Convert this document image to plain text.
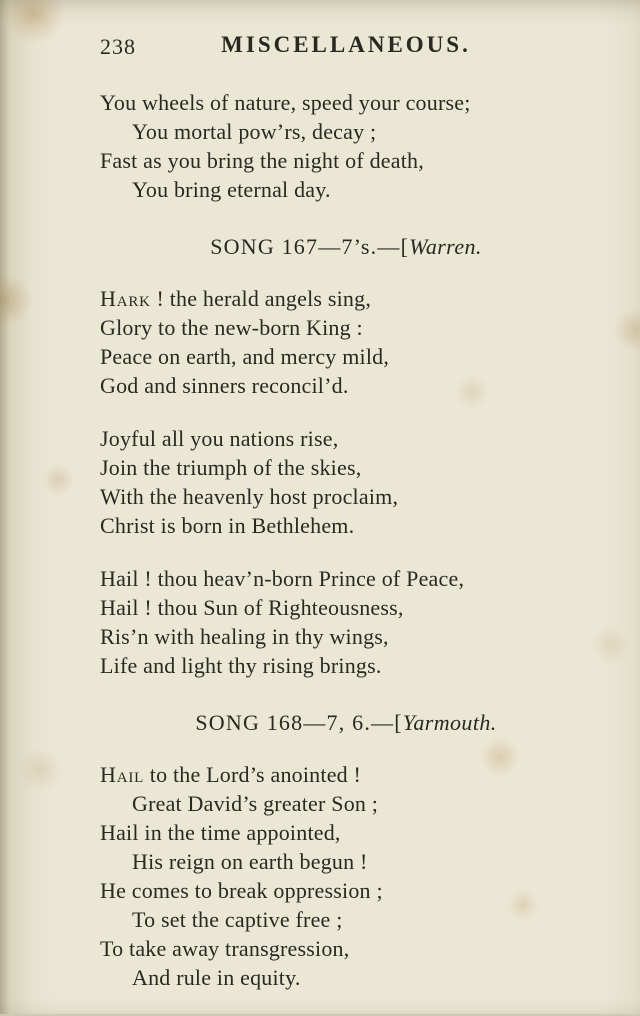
238	MISCELLANEOUS.

You wheels of nature, speed your course;

You mortal pow’rs, decay ;

Fast as you bring the night of death,

You bring eternal day.

SONG 167—7’s.—[Warren.

Hark ! the herald angels sing,

Glory to the new-born King :

Peace on earth, and mercy mild,

God and sinners reconcil’d.

Joyful all you nations rise,

Join the triumph of the skies,

With the heavenly host proclaim,

Christ is born in Bethlehem.

Hail ! thou heav’n-born Prince of Peace,

Hail ! thou Sun of Righteousness,

Ris’n with healing in thy wings,

Life and light thy rising brings.

SONG 168—7, 6.—[Yarmouth.

Hail to the Lord’s anointed !

Great David’s greater Son ;

Hail in the time appointed,

His reign on earth begun !

He comes to break oppression ;

To set the captive free ;

To take away transgression,

And rule in equity.
